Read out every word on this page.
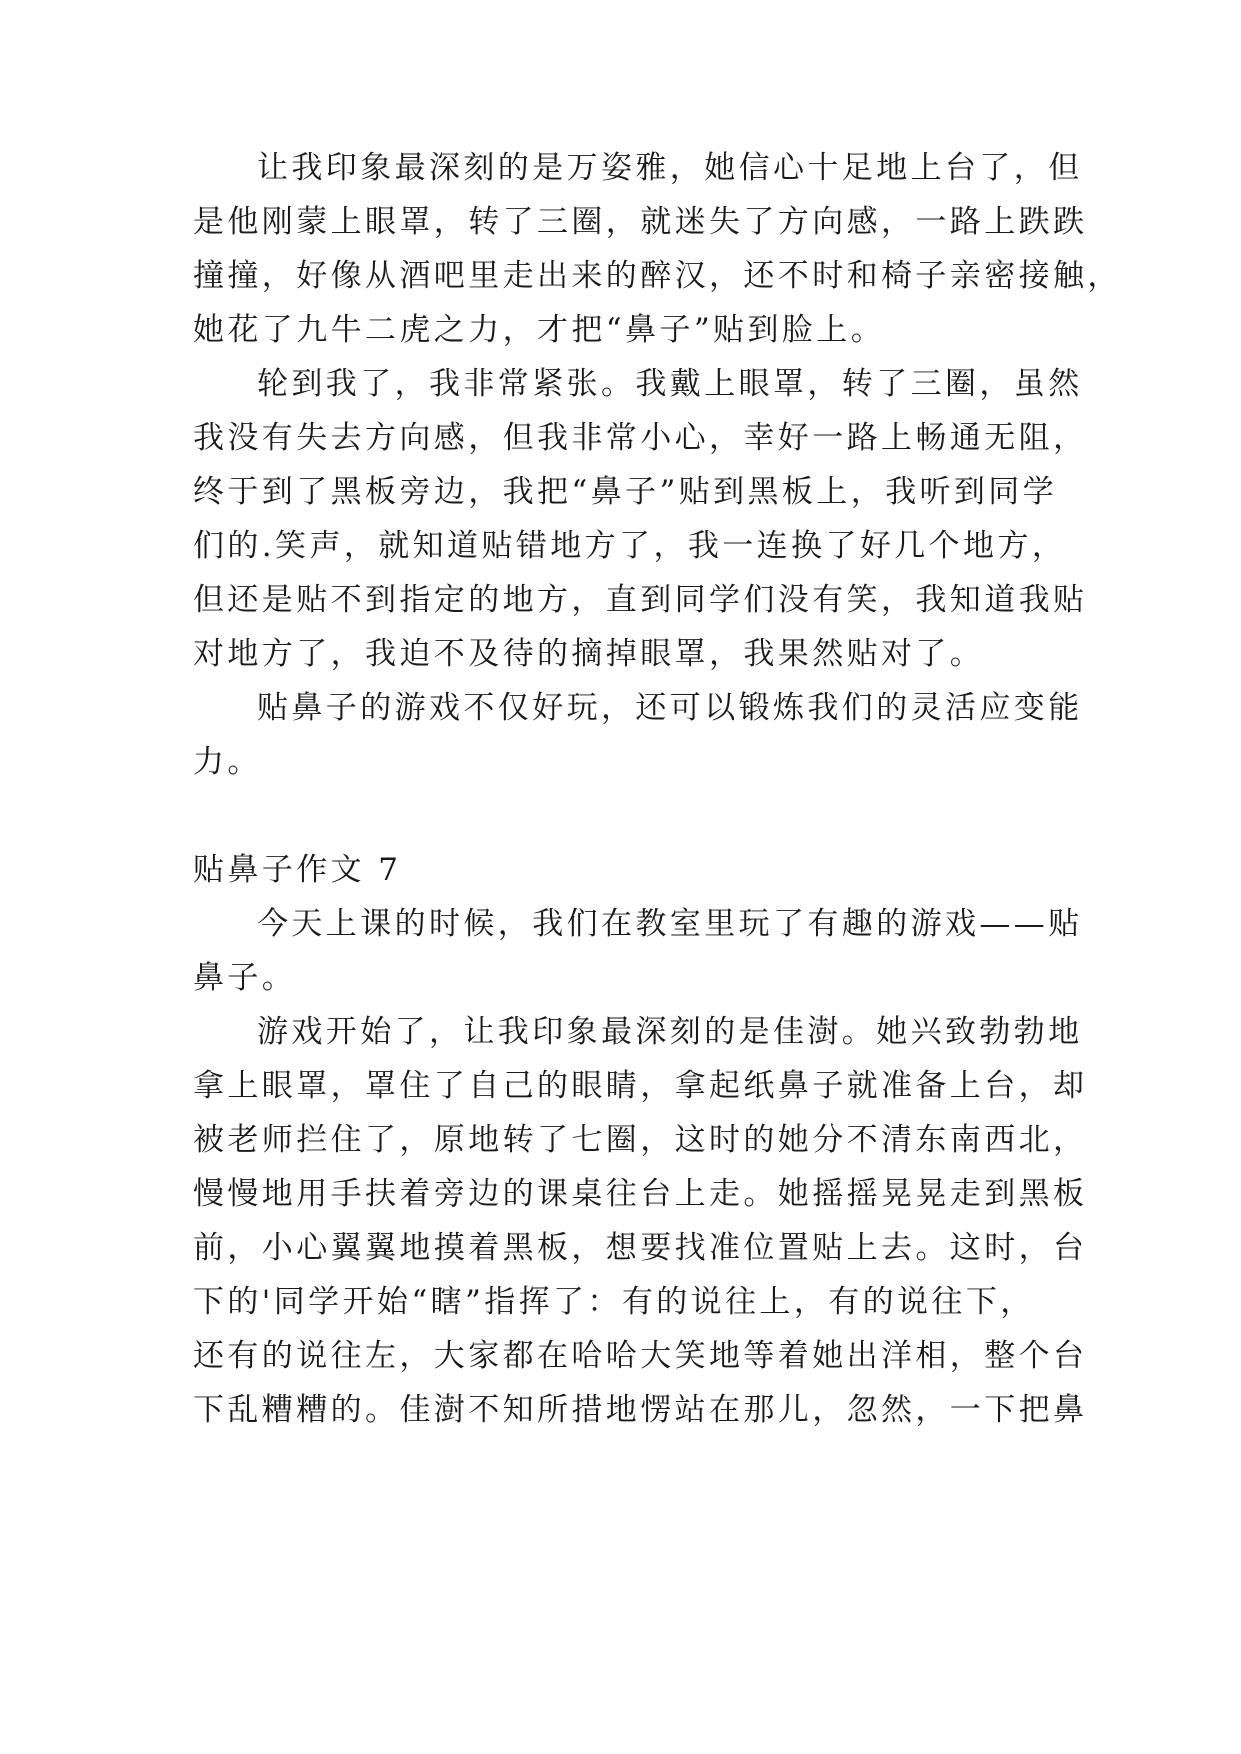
让我印象最深刻的是万姿雅，她信心十足地上台了，但
是他刚蒙上眼罩，转了三圈，就迷失了方向感，一路上跌跌
撞撞，好像从酒吧里走出来的醉汉，还不时和椅子亲密接触，
她花了九牛二虎之力，才把“鼻子”贴到脸上。
轮到我了，我非常紧张。我戴上眼罩，转了三圈，虽然
我没有失去方向感，但我非常小心，幸好一路上畅通无阻，
终于到了黑板旁边，我把“鼻子”贴到黑板上，我听到同学
们的.笑声，就知道贴错地方了，我一连换了好几个地方，
但还是贴不到指定的地方，直到同学们没有笑，我知道我贴
对地方了，我迫不及待的摘掉眼罩，我果然贴对了。
贴鼻子的游戏不仅好玩，还可以锻炼我们的灵活应变能
力。
贴鼻子作文 7
今天上课的时候，我们在教室里玩了有趣的游戏——贴
鼻子。
游戏开始了，让我印象最深刻的是佳澍。她兴致勃勃地
拿上眼罩，罩住了自己的眼睛，拿起纸鼻子就准备上台，却
被老师拦住了，原地转了七圈，这时的她分不清东南西北，
慢慢地用手扶着旁边的课桌往台上走。她摇摇晃晃走到黑板
前，小心翼翼地摸着黑板，想要找准位置贴上去。这时，台
下的'同学开始“瞎”指挥了：有的说往上，有的说往下，
还有的说往左，大家都在哈哈大笑地等着她出洋相，整个台
下乱糟糟的。佳澍不知所措地愣站在那儿，忽然，一下把鼻
